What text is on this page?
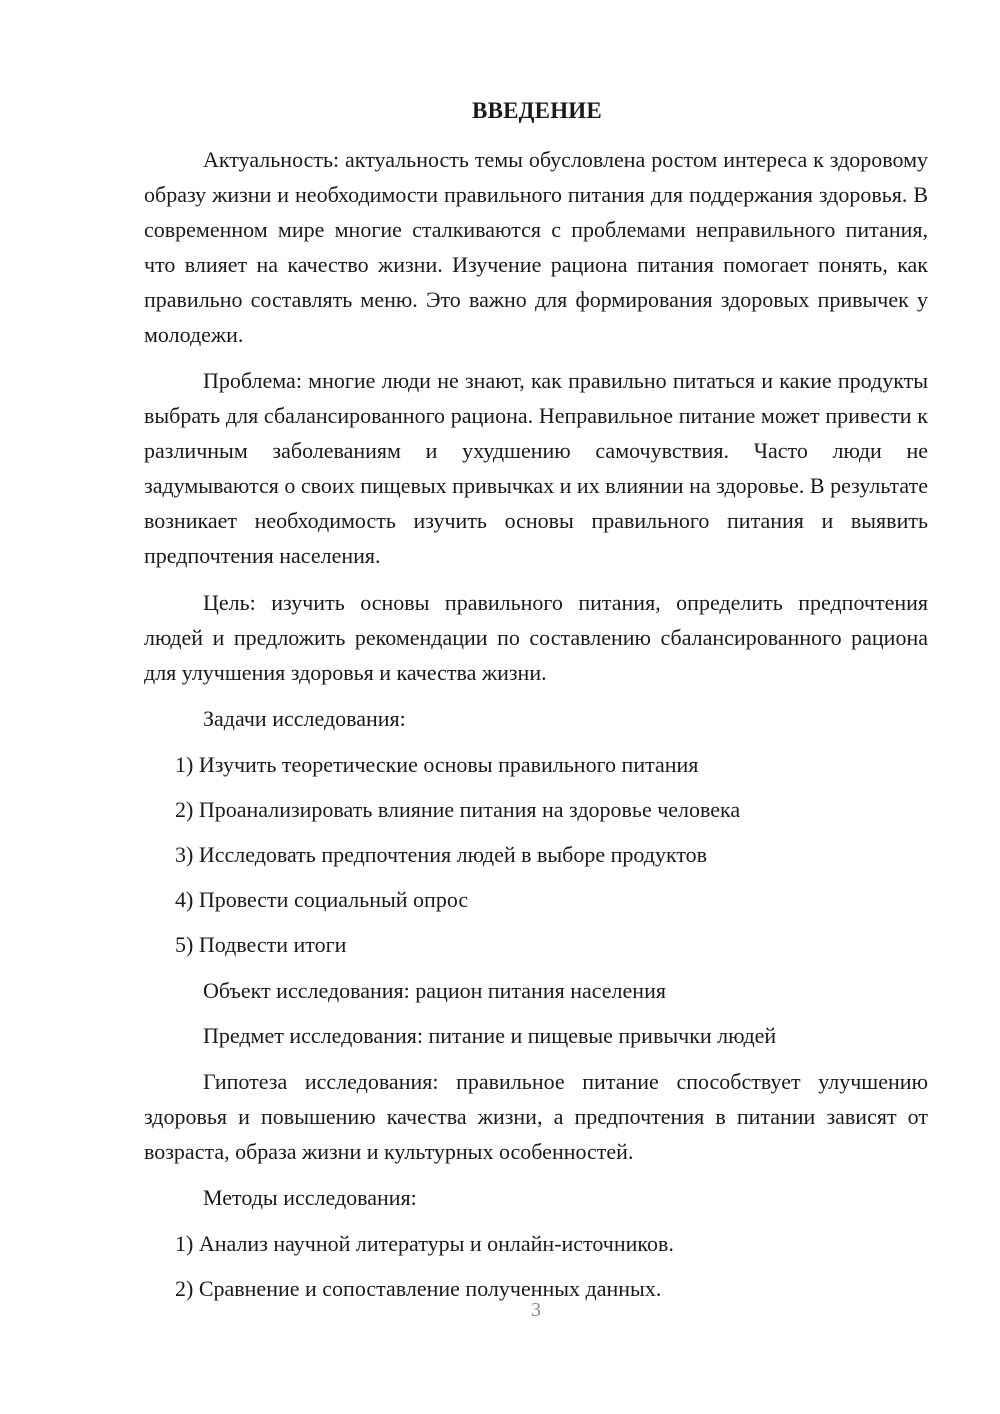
ВВЕДЕНИЕ
Актуальность: актуальность темы обусловлена ростом интереса к здоровому образу жизни и необходимости правильного питания для поддержания здоровья. В современном мире многие сталкиваются с проблемами неправильного питания, что влияет на качество жизни. Изучение рациона питания помогает понять, как правильно составлять меню. Это важно для формирования здоровых привычек у молодежи.
Проблема: многие люди не знают, как правильно питаться и какие продукты выбрать для сбалансированного рациона. Неправильное питание может привести к различным заболеваниям и ухудшению самочувствия. Часто люди не задумываются о своих пищевых привычках и их влиянии на здоровье. В результате возникает необходимость изучить основы правильного питания и выявить предпочтения населения.
Цель: изучить основы правильного питания, определить предпочтения людей и предложить рекомендации по составлению сбалансированного рациона для улучшения здоровья и качества жизни.
Задачи исследования:
1) Изучить теоретические основы правильного питания
2) Проанализировать влияние питания на здоровье человека
3) Исследовать предпочтения людей в выборе продуктов
4) Провести социальный опрос
5) Подвести итоги
Объект исследования: рацион питания населения
Предмет исследования: питание и пищевые привычки людей
Гипотеза исследования: правильное питание способствует улучшению здоровья и повышению качества жизни, а предпочтения в питании зависят от возраста, образа жизни и культурных особенностей.
Методы исследования:
1) Анализ научной литературы и онлайн-источников.
2) Сравнение и сопоставление полученных данных.
3
